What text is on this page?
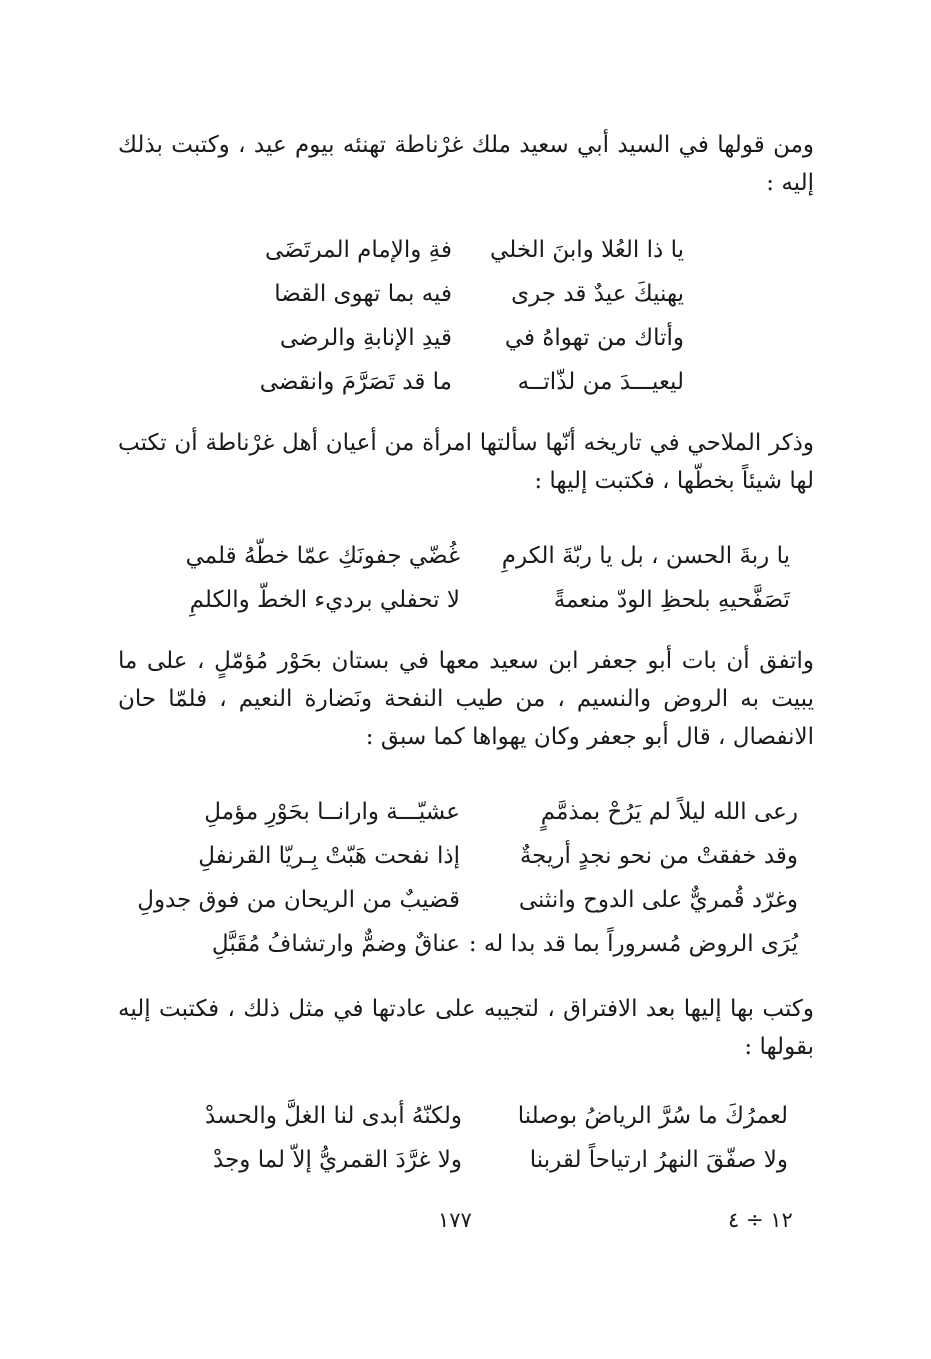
ومن قولها في السيد أبي سعيد ملك غرْناطة تهنئه بيوم عيد ، وكتبت بذلك إليه :

يا ذا العُلا وابنَ الخلي
فةِ والإمام المرتَضَى
يهنيكَ عيدٌ قد جرى
فيه بما تهوى القضا
وأتاك من تهواهُ في
قيدِ الإنابةِ والرضى
ليعيـــدَ من لذّاتــه
ما قد تَصَرَّمَ وانقضى

وذكر الملاحي في تاريخه أنّها سألتها امرأة من أعيان أهل غرْناطة أن تكتب لها شيئاً بخطّها ، فكتبت إليها :

يا ربةَ الحسن ، بل يا ربّةَ الكرمِ
غُضّي جفونَكِ عمّا خطّهُ قلمي
تَصَفَّحيهِ بلحظِ الودّ منعمةً
لا تحفلي برديء الخطّ والكلمِ

واتفق أن بات أبو جعفر ابن سعيد معها في بستان بحَوْر مُؤمّلٍ ، على ما يبيت به الروض والنسيم ، من طيب النفحة ونَضارة النعيم ، فلمّا حان الانفصال ، قال أبو جعفر وكان يهواها كما سبق :

رعى الله ليلاً لم يَرُحْ بمذمَّمٍ
عشيّـــة وارانــا بحَوْرِ مؤملِ
وقد خفقتْ من نحو نجدٍ أريجةٌ
إذا نفحت هَبّتْ بِـريّا القرنفلِ
وغرّد قُمريٌّ على الدوح وانثنى
قضيبٌ من الريحان من فوق جدولِ
يُرَى الروض مُسروراً بما قد بدا له :
عناقٌ وضمٌّ وارتشافُ مُقَبَّلِ

وكتب بها إليها بعد الافتراق ، لتجيبه على عادتها في مثل ذلك ، فكتبت إليه بقولها :

لعمرُكَ ما سُرَّ الرياضُ بوصلنا
ولكنّهُ أبدى لنا الغلَّ والحسدْ
ولا صفّقَ النهرُ ارتياحاً لقربنا
ولا غرَّدَ القمريُّ إلاّ لما وجدْ
١٧٧	١٢ ÷ ٤
